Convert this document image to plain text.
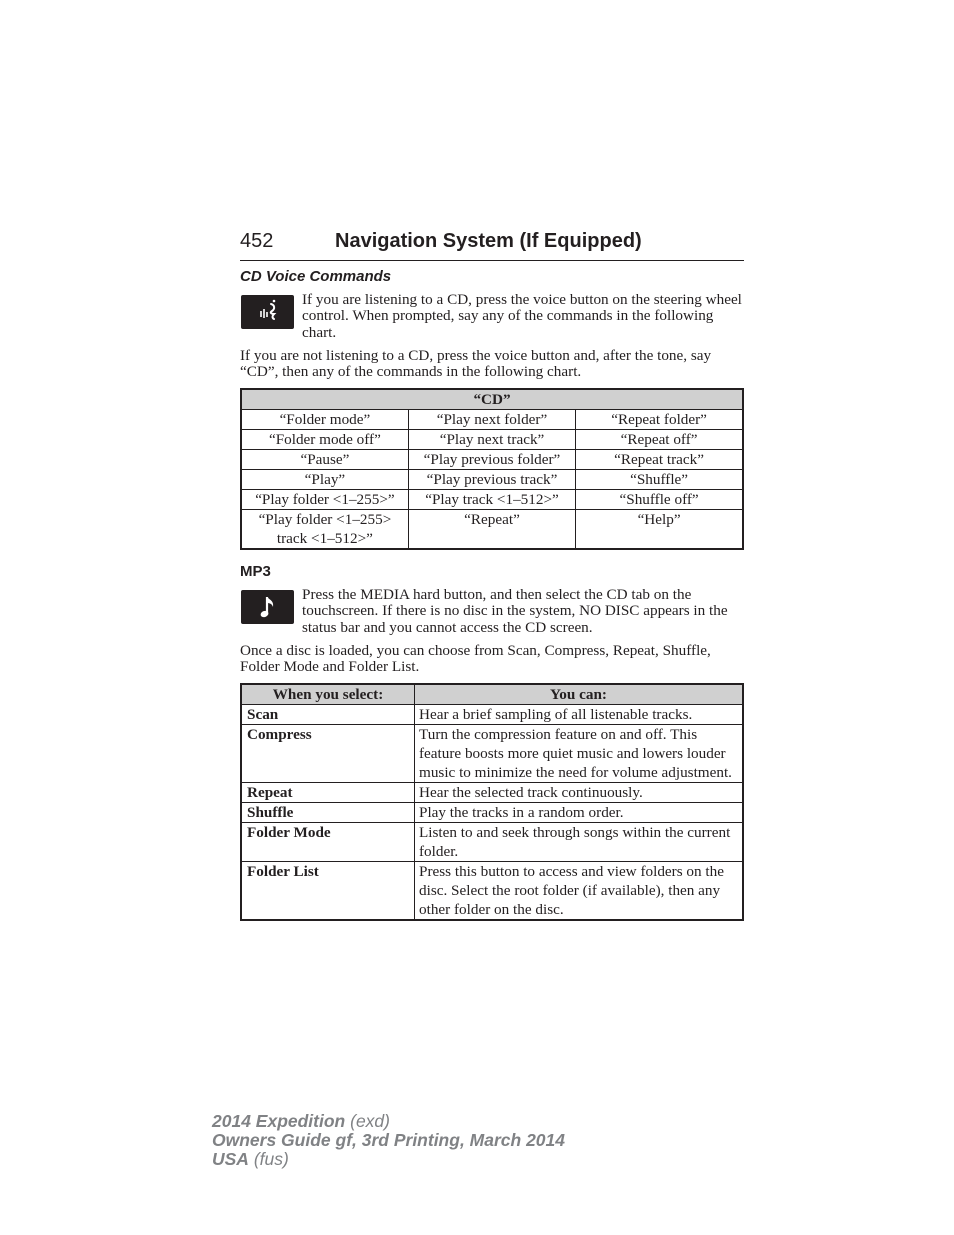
452	Navigation System (If Equipped)
CD Voice Commands

If you are listening to a CD, press the voice button on the steering wheel control. When prompted, say any of the commands in the following chart.

If you are not listening to a CD, press the voice button and, after the tone, say “CD”, then any of the commands in the following chart.

“CD”		
“Folder mode”	“Play next folder”	“Repeat folder”
“Folder mode off”	“Play next track”	“Repeat off”
“Pause”	“Play previous folder”	“Repeat track”
“Play”	“Play previous track”	“Shuffle”
“Play folder <1–255>”	“Play track <1–512>”	“Shuffle off”
“Play folder <1–255> track <1–512>”	“Repeat”	“Help”
MP3

Press the MEDIA hard button, and then select the CD tab on the touchscreen. If there is no disc in the system, NO DISC appears in the status bar and you cannot access the CD screen.

Once a disc is loaded, you can choose from Scan, Compress, Repeat, Shuffle, Folder Mode and Folder List.

When you select:	You can:
Scan	Hear a brief sampling of all listenable tracks.
Compress	Turn the compression feature on and off. This feature boosts more quiet music and lowers louder music to minimize the need for volume adjustment.
Repeat	Hear the selected track continuously.
Shuffle	Play the tracks in a random order.
Folder Mode	Listen to and seek through songs within the current folder.
Folder List	Press this button to access and view folders on the disc. Select the root folder (if available), then any other folder on the disc.
2014 Expedition (exd)
Owners Guide gf, 3rd Printing, March 2014
USA (fus)
